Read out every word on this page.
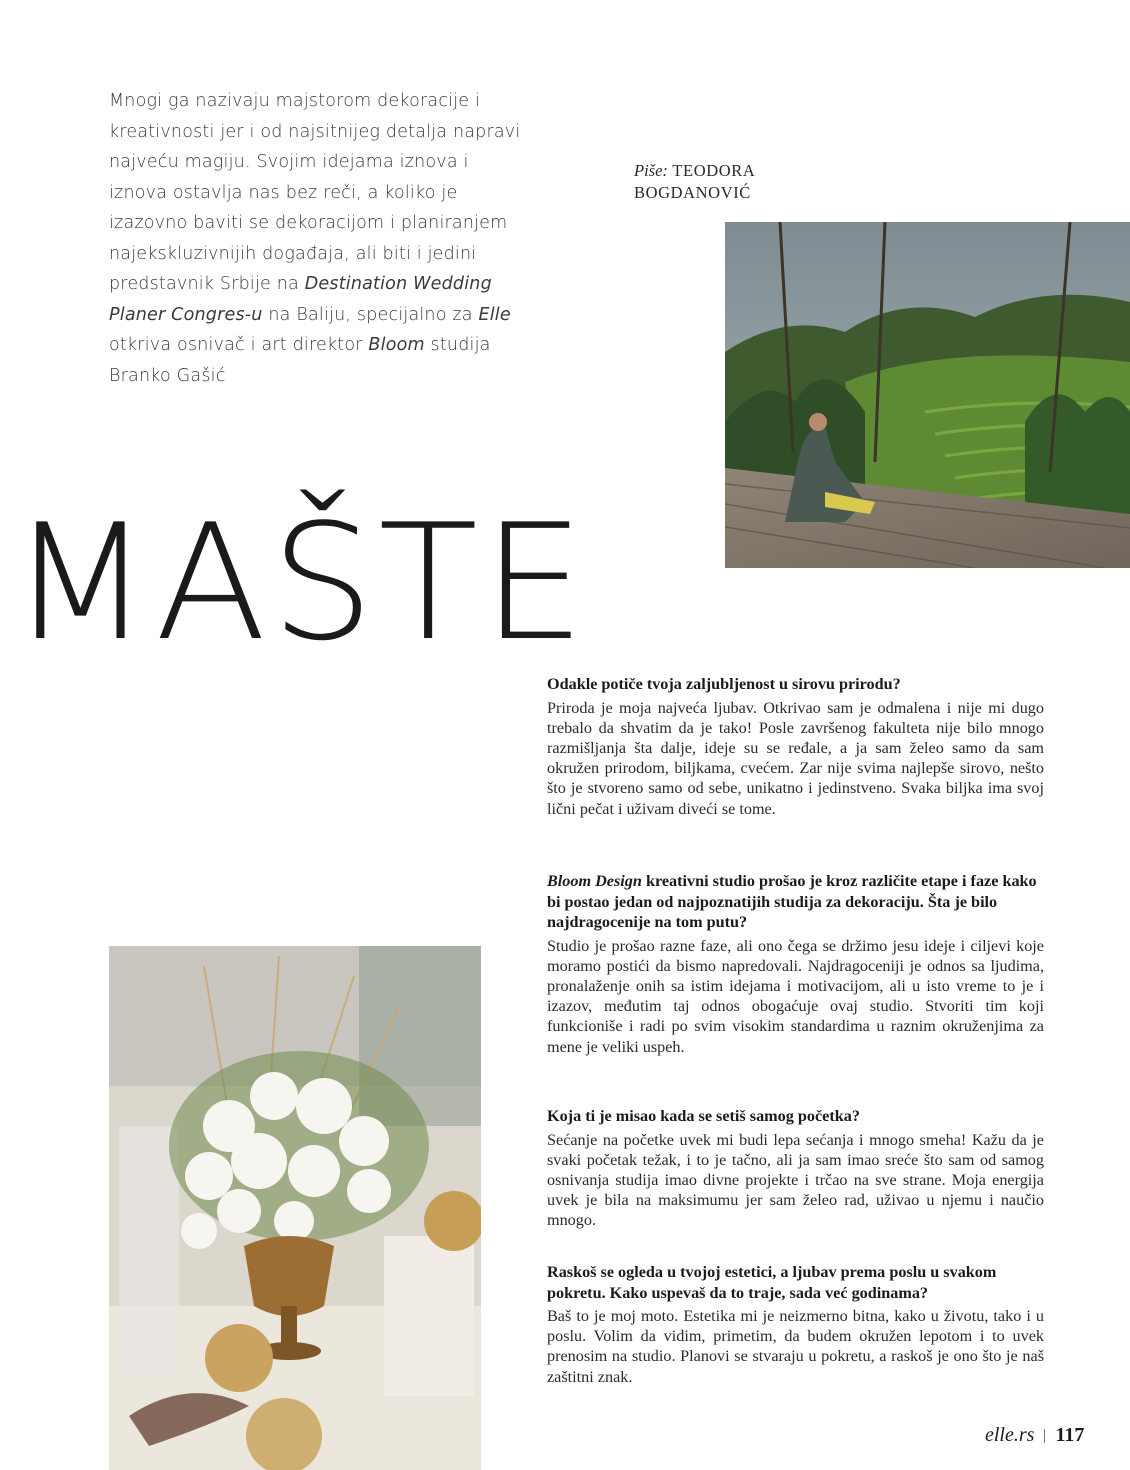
Mnogi ga nazivaju majstorom dekoracije i kreativnosti jer i od najsitnijeg detalja napravi najveću magiju. Svojim idejama iznova i iznova ostavlja nas bez reči, a koliko je izazovno baviti se dekoracijom i planiranjem najekskluzivnijih događaja, ali biti i jedini predstavnik Srbije na Destination Wedding Planer Congres-u na Baliju, specijalno za Elle otkriva osnivač i art direktor Bloom studija Branko Gašić
Piše: TEODORA BOGDANOVIĆ
MAŠTE
Odakle potiče tvoja zaljubljenost u sirovu prirodu?
Priroda je moja najveća ljubav. Otkrivao sam je odmalena i nije mi dugo trebalo da shvatim da je tako! Posle završenog fakulteta nije bilo mnogo razmišljanja šta dalje, ideje su se ređale, a ja sam želeo samo da sam okružen prirodom, biljkama, cvećem. Zar nije svima najlepše sirovo, nešto što je stvoreno samo od sebe, unikatno i jedinstveno. Svaka biljka ima svoj lični pečat i uživam diveći se tome.
Bloom Design kreativni studio prošao je kroz različite etape i faze kako bi postao jedan od najpoznatijih studija za dekoraciju. Šta je bilo najdragocenije na tom putu?
Studio je prošao razne faze, ali ono čega se držimo jesu ideje i ciljevi koje moramo postići da bismo napredovali. Najdragoceniji je odnos sa ljudima, pronalaženje onih sa istim idejama i motivacijom, ali u isto vreme to je i izazov, međutim taj odnos obogaćuje ovaj studio. Stvoriti tim koji funkcioniše i radi po svim visokim standardima u raznim okruženjima za mene je veliki uspeh.
Koja ti je misao kada se setiš samog početka?
Sećanje na početke uvek mi budi lepa sećanja i mnogo smeha! Kažu da je svaki početak težak, i to je tačno, ali ja sam imao sreće što sam od samog osnivanja studija imao divne projekte i trčao na sve strane. Moja energija uvek je bila na maksimumu jer sam želeo rad, uživao u njemu i naučio mnogo.
Raskoš se ogleda u tvojoj estetici, a ljubav prema poslu u svakom pokretu. Kako uspevaš da to traje, sada već godinama?
Baš to je moj moto. Estetika mi je neizmerno bitna, kako u životu, tako i u poslu. Volim da vidim, primetim, da budem okružen lepotom i to uvek prenosim na studio. Planovi se stvaraju u pokretu, a raskoš je ono što je naš zaštitni znak.
elle.rs 117
